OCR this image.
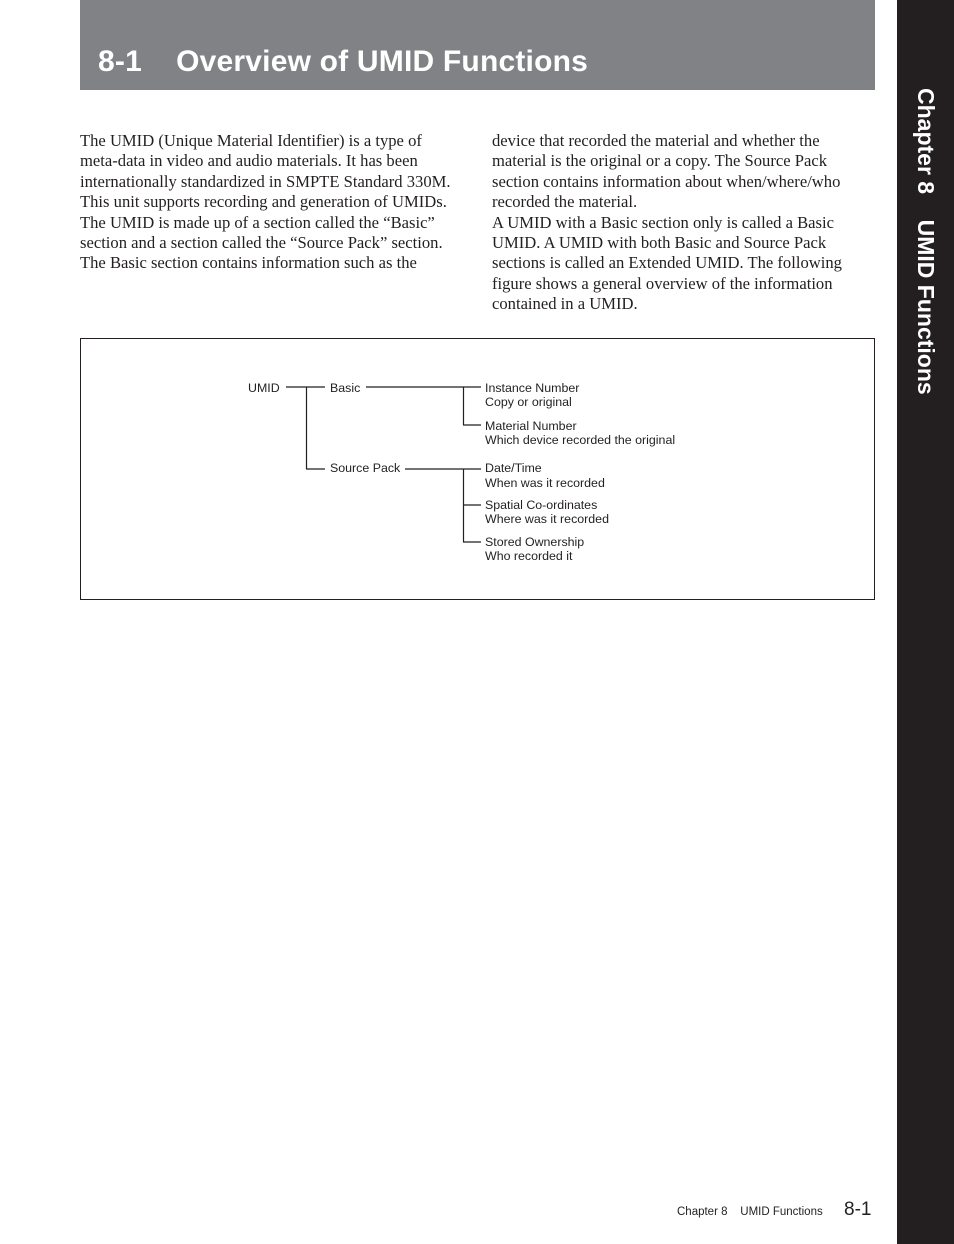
8-1    Overview of UMID Functions
Chapter 8    UMID Functions

The UMID (Unique Material Identifier) is a type of meta-data in video and audio materials. It has been internationally standardized in SMPTE Standard 330M. This unit supports recording and generation of UMIDs.

The UMID is made up of a section called the “Basic” section and a section called the “Source Pack” section. The Basic section contains information such as the

device that recorded the material and whether the material is the original or a copy. The Source Pack section contains information about when/where/who recorded the material.

A UMID with a Basic section only is called a Basic UMID. A UMID with both Basic and Source Pack sections is called an Extended UMID. The following figure shows a general overview of the information contained in a UMID.

UMID	Basic
Source Pack
Instance Number
Copy or original
Material Number
Which device recorded the original
Date/Time
When was it recorded
Spatial Co-ordinates
Where was it recorded
Stored Ownership
Who recorded it
Chapter 8    UMID Functions 8-1
